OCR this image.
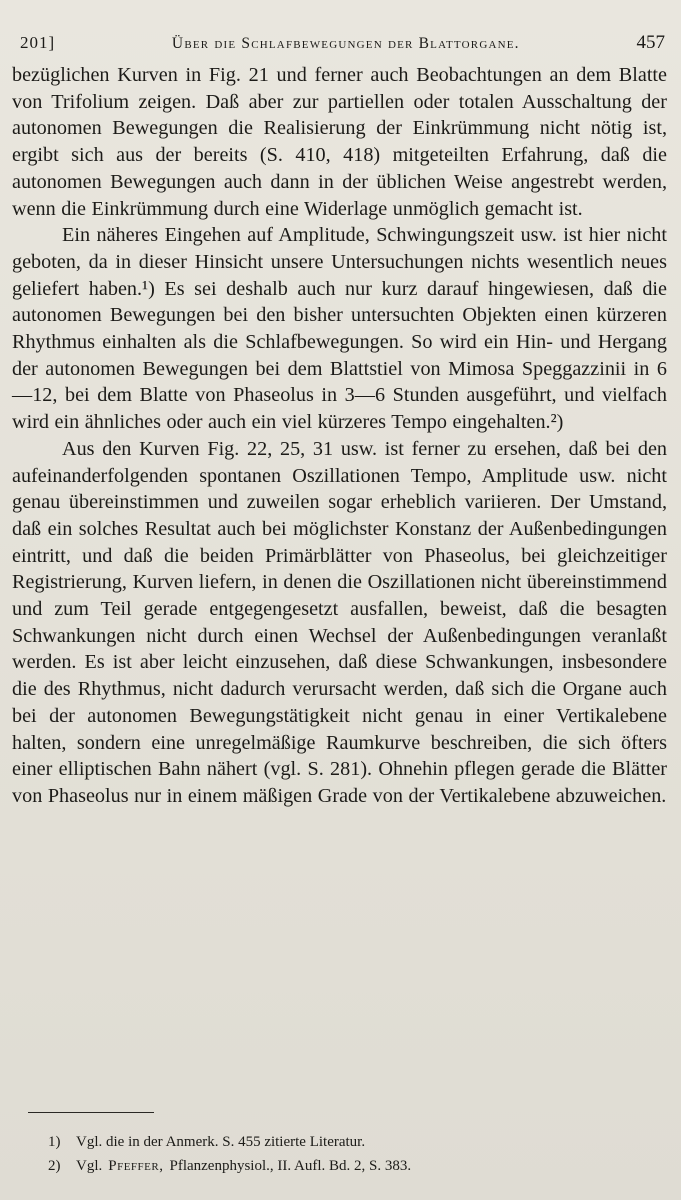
201]	Über die Schlafbewegungen der Blattorgane.	457

bezüglichen Kurven in Fig. 21 und ferner auch Beobachtungen an dem Blatte von Trifolium zeigen. Daß aber zur partiellen oder totalen Ausschaltung der autonomen Bewegungen die Realisierung der Einkrümmung nicht nötig ist, ergibt sich aus der bereits (S. 410, 418) mitgeteilten Erfahrung, daß die autonomen Bewegungen auch dann in der üblichen Weise angestrebt werden, wenn die Einkrümmung durch eine Widerlage unmöglich gemacht ist.

Ein näheres Eingehen auf Amplitude, Schwingungszeit usw. ist hier nicht geboten, da in dieser Hinsicht unsere Untersuchungen nichts wesentlich neues geliefert haben.¹) Es sei deshalb auch nur kurz darauf hingewiesen, daß die autonomen Bewegungen bei den bisher untersuchten Objekten einen kürzeren Rhythmus einhalten als die Schlafbewegungen. So wird ein Hin- und Hergang der autonomen Bewegungen bei dem Blattstiel von Mimosa Speggazzinii in 6—12, bei dem Blatte von Phaseolus in 3—6 Stunden ausgeführt, und vielfach wird ein ähnliches oder auch ein viel kürzeres Tempo eingehalten.²)

Aus den Kurven Fig. 22, 25, 31 usw. ist ferner zu ersehen, daß bei den aufeinanderfolgenden spontanen Oszillationen Tempo, Amplitude usw. nicht genau übereinstimmen und zuweilen sogar erheblich variieren. Der Umstand, daß ein solches Resultat auch bei möglichster Konstanz der Außenbedingungen eintritt, und daß die beiden Primärblätter von Phaseolus, bei gleichzeitiger Registrierung, Kurven liefern, in denen die Oszillationen nicht übereinstimmend und zum Teil gerade entgegengesetzt ausfallen, beweist, daß die besagten Schwankungen nicht durch einen Wechsel der Außenbedingungen veranlaßt werden. Es ist aber leicht einzusehen, daß diese Schwankungen, insbesondere die des Rhythmus, nicht dadurch verursacht werden, daß sich die Organe auch bei der autonomen Bewegungstätigkeit nicht genau in einer Vertikalebene halten, sondern eine unregelmäßige Raumkurve beschreiben, die sich öfters einer elliptischen Bahn nähert (vgl. S. 281). Ohnehin pflegen gerade die Blätter von Phaseolus nur in einem mäßigen Grade von der Vertikalebene abzuweichen.

1)	Vgl. die in der Anmerk. S. 455 zitierte Literatur.
2)	Vgl. Pfeffer, Pflanzenphysiol., II. Aufl. Bd. 2, S. 383.
